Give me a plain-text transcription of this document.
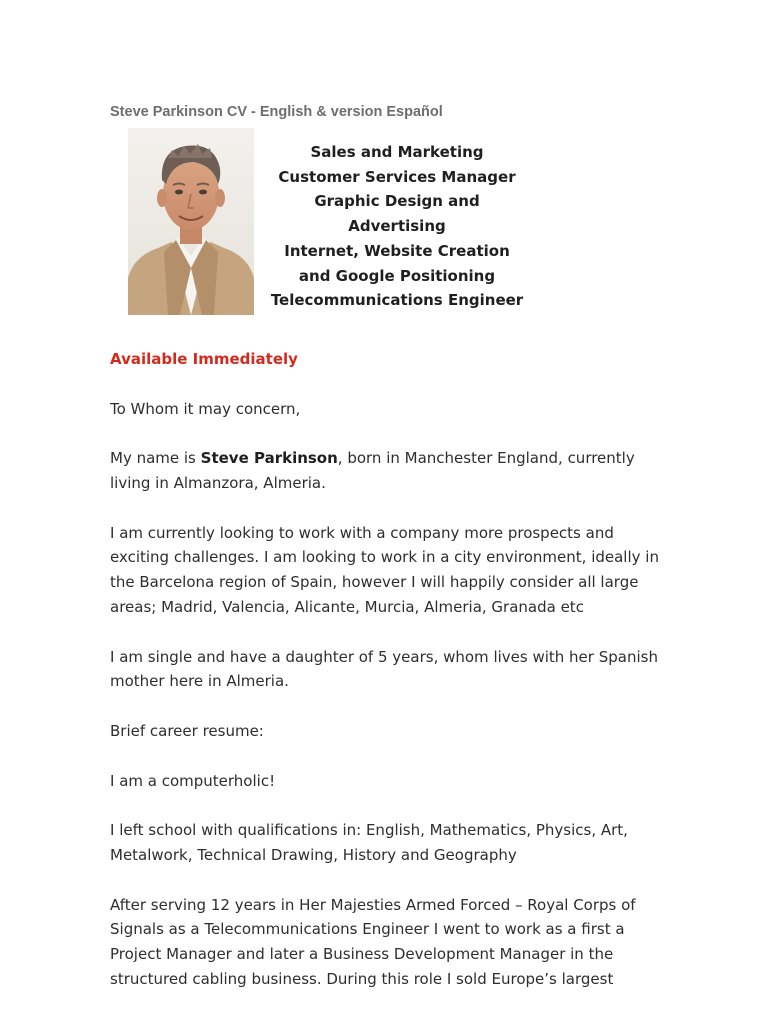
Steve Parkinson CV - English & version Español
Sales and Marketing
Customer Services Manager
Graphic Design and
Advertising
Internet, Website Creation
and Google Positioning
Telecommunications Engineer

Available Immediately

To Whom it may concern,

My name is Steve Parkinson, born in Manchester England, currently living in Almanzora, Almeria.

I am currently looking to work with a company more prospects and exciting challenges. I am looking to work in a city environment, ideally in the Barcelona region of Spain, however I will happily consider all large areas; Madrid, Valencia, Alicante, Murcia, Almeria, Granada etc

I am single and have a daughter of 5 years, whom lives with her Spanish mother here in Almeria.

Brief career resume:

I am a computerholic!

I left school with qualifications in: English, Mathematics, Physics, Art, Metalwork, Technical Drawing, History and Geography

After serving 12 years in Her Majesties Armed Forced – Royal Corps of Signals as a Telecommunications Engineer I went to work as a first a Project Manager and later a Business Development Manager in the structured cabling business. During this role I sold Europe’s largest
